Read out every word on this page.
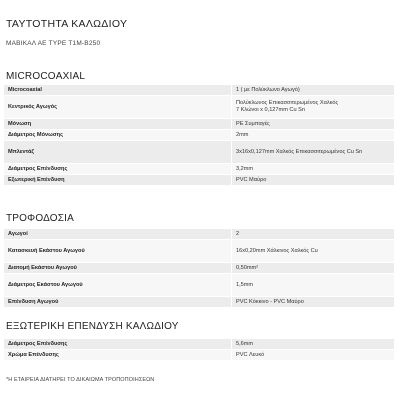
ΤΑΥΤΟΤΗΤΑ ΚΑΛΩΔΙΟΥ
ΜΑΒΙΚΑΛ ΑΕ TYPE T1M-B250
MICROCOAXIAL
Microcoaxial	1 ( με Πολύκλωνο Αγωγό)
Κεντρικός Αγωγός	Πολύκλωνος Επικασσιτερωμένος Χαλκός
7 Κλώνοι x 0,127mm Cu Sn

Μόνωση	PE Συμπαγές
Διάμετρος Μόνωσης	2mm
Μπλεντάζ	3x16x0,127mm Χαλκός Επικασσιτερωμένος Cu Sn
Διάμετρος Επένδυσης	3,2mm
Εξωτερική Επένδυση	PVC Μαύρο
ΤΡΟΦΟΔΟΣΙΑ
Αγωγοί	2
Κατασκευή Εκάστου Αγωγού	16x0,20mm Χάλκινος Χαλκός Cu
Διατομή Εκάστου Αγωγού	0,50mm²
Διάμετρος Εκάστου Αγωγού	1,5mm
Επένδυση Αγωγού	PVC Κόκκινο - PVC Μαύρο
ΕΞΩΤΕΡΙΚΗ ΕΠΕΝΔΥΣΗ ΚΑΛΩΔΙΟΥ
Διάμετρος Επένδυσης	5,6mm
Χρώμα Επένδυσης	PVC Λευκό
*Η ΕΤΑΙΡΕΙΑ ΔΙΑΤΗΡΕΙ ΤΟ ΔΙΚΑΙΩΜΑ ΤΡΟΠΟΠΟΙΗΣΕΩΝ
